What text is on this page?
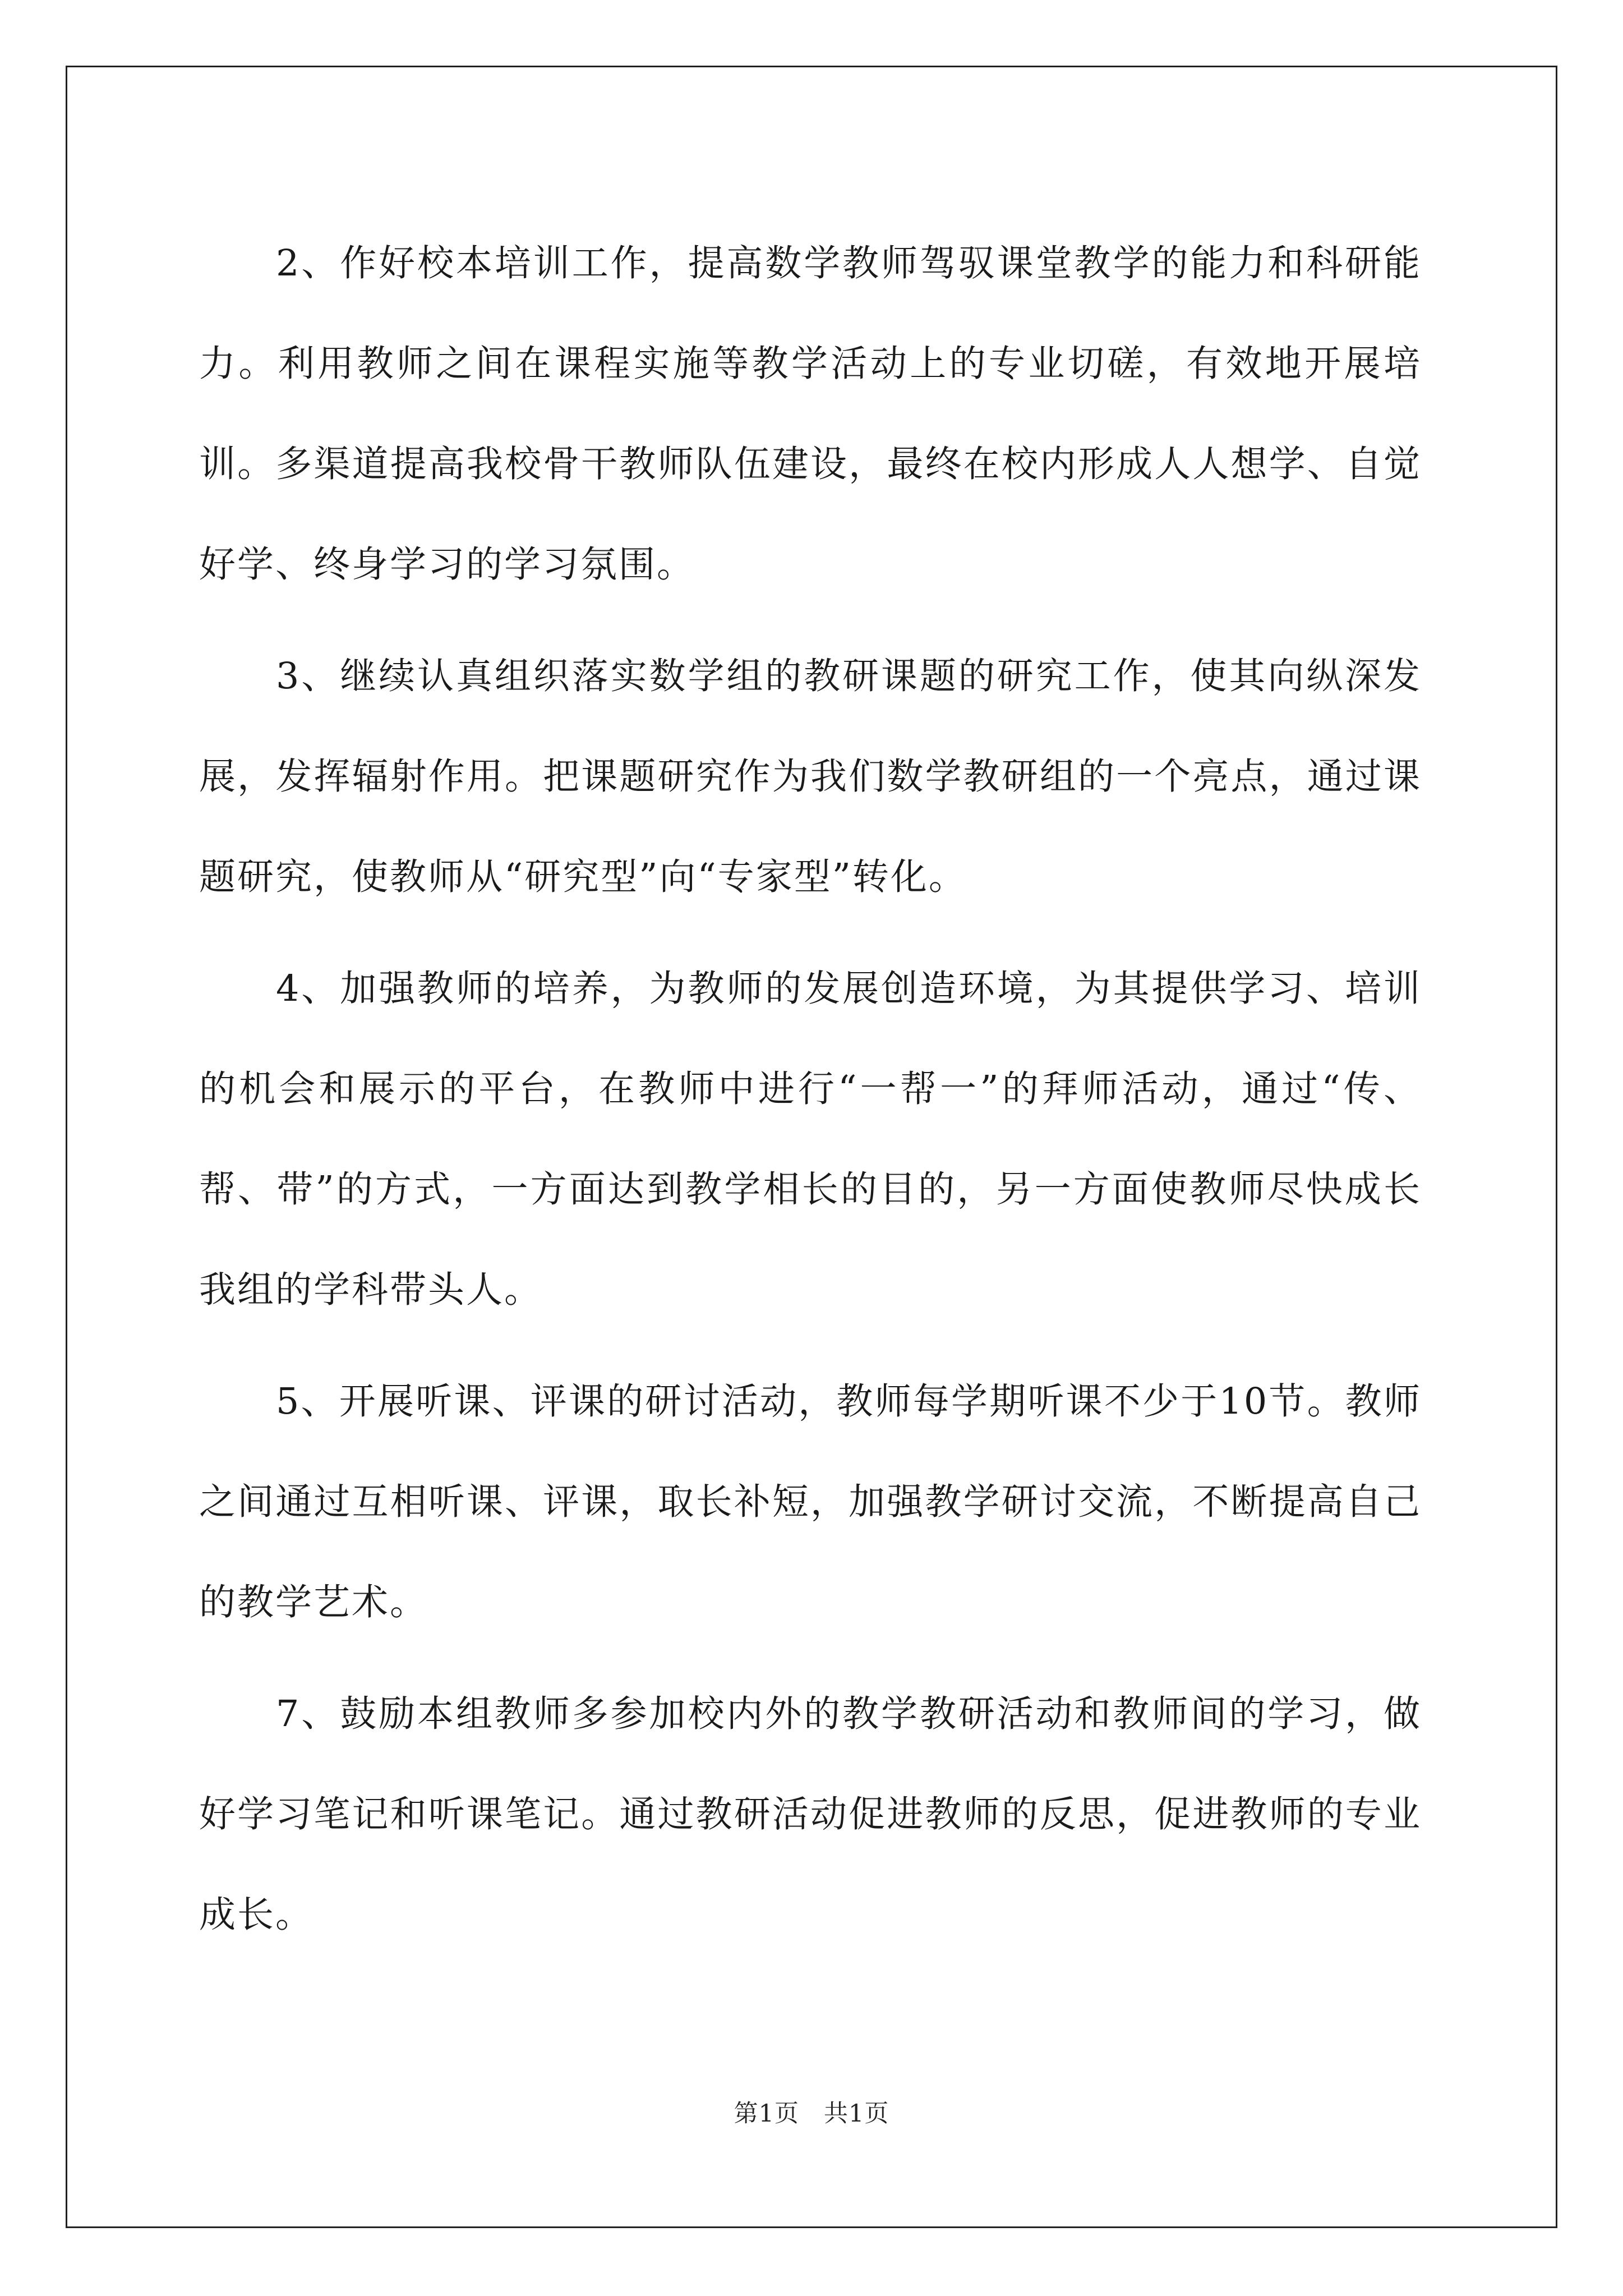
2、作好校本培训工作，提高数学教师驾驭课堂教学的能力和科研能力。利用教师之间在课程实施等教学活动上的专业切磋，有效地开展培训。多渠道提高我校骨干教师队伍建设，最终在校内形成人人想学、自觉好学、终身学习的学习氛围。

3、继续认真组织落实数学组的教研课题的研究工作，使其向纵深发展，发挥辐射作用。把课题研究作为我们数学教研组的一个亮点，通过课题研究，使教师从“研究型”向“专家型”转化。

4、加强教师的培养，为教师的发展创造环境，为其提供学习、培训的机会和展示的平台，在教师中进行“一帮一”的拜师活动，通过“传、帮、带”的方式，一方面达到教学相长的目的，另一方面使教师尽快成长我组的学科带头人。

5、开展听课、评课的研讨活动，教师每学期听课不少于10节。教师之间通过互相听课、评课，取长补短，加强教学研讨交流，不断提高自己的教学艺术。

7、鼓励本组教师多参加校内外的教学教研活动和教师间的学习，做好学习笔记和听课笔记。通过教研活动促进教师的反思，促进教师的专业成长。

第1页　共1页
